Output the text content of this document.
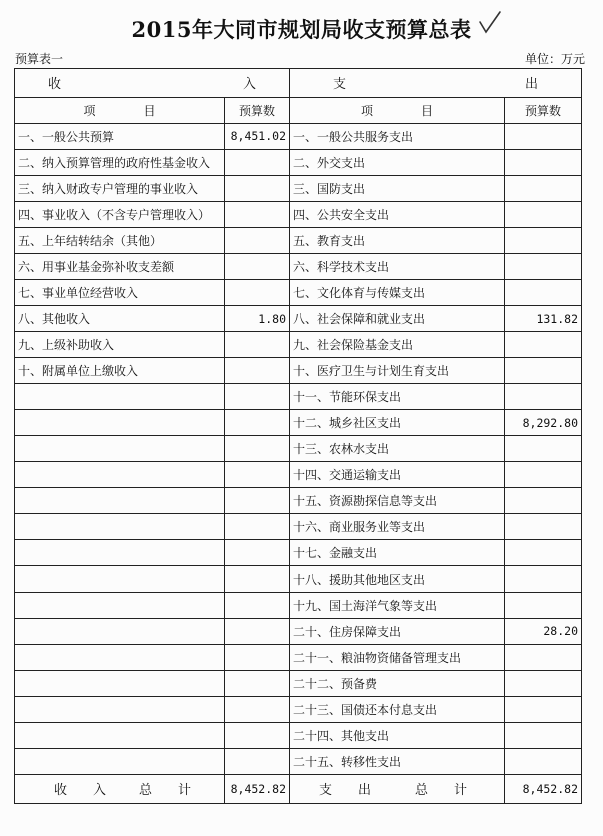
2015年大同市规划局收支预算总表
预算表一	单位：万元
收 入		支 出	

项　　　　目	预算数	项　　　　目	预算数
一、一般公共预算	8,451.02	一、一般公共服务支出	
二、纳入预算管理的政府性基金收入		二、外交支出	
三、纳入财政专户管理的事业收入		三、国防支出	
四、事业收入（不含专户管理收入）		四、公共安全支出	
五、上年结转结余（其他）		五、教育支出	
六、用事业基金弥补收支差额		六、科学技术支出	
七、事业单位经营收入		七、文化体育与传媒支出	
八、其他收入	1.80	八、社会保障和就业支出	131.82
九、上级补助收入		九、社会保险基金支出	
十、附属单位上缴收入		十、医疗卫生与计划生育支出	
		十一、节能环保支出	
		十二、城乡社区支出	8,292.80
		十三、农林水支出	
		十四、交通运输支出	
		十五、资源勘探信息等支出	
		十六、商业服务业等支出	
		十七、金融支出	
		十八、援助其他地区支出	
		十九、国土海洋气象等支出	
		二十、住房保障支出	28.20
		二十一、粮油物资储备管理支出	
		二十二、预备费	
		二十三、国债还本付息支出	
		二十四、其他支出	
		二十五、转移性支出	

收　　入 总　　计	8,452.82	支　　出 总　　计	8,452.82
